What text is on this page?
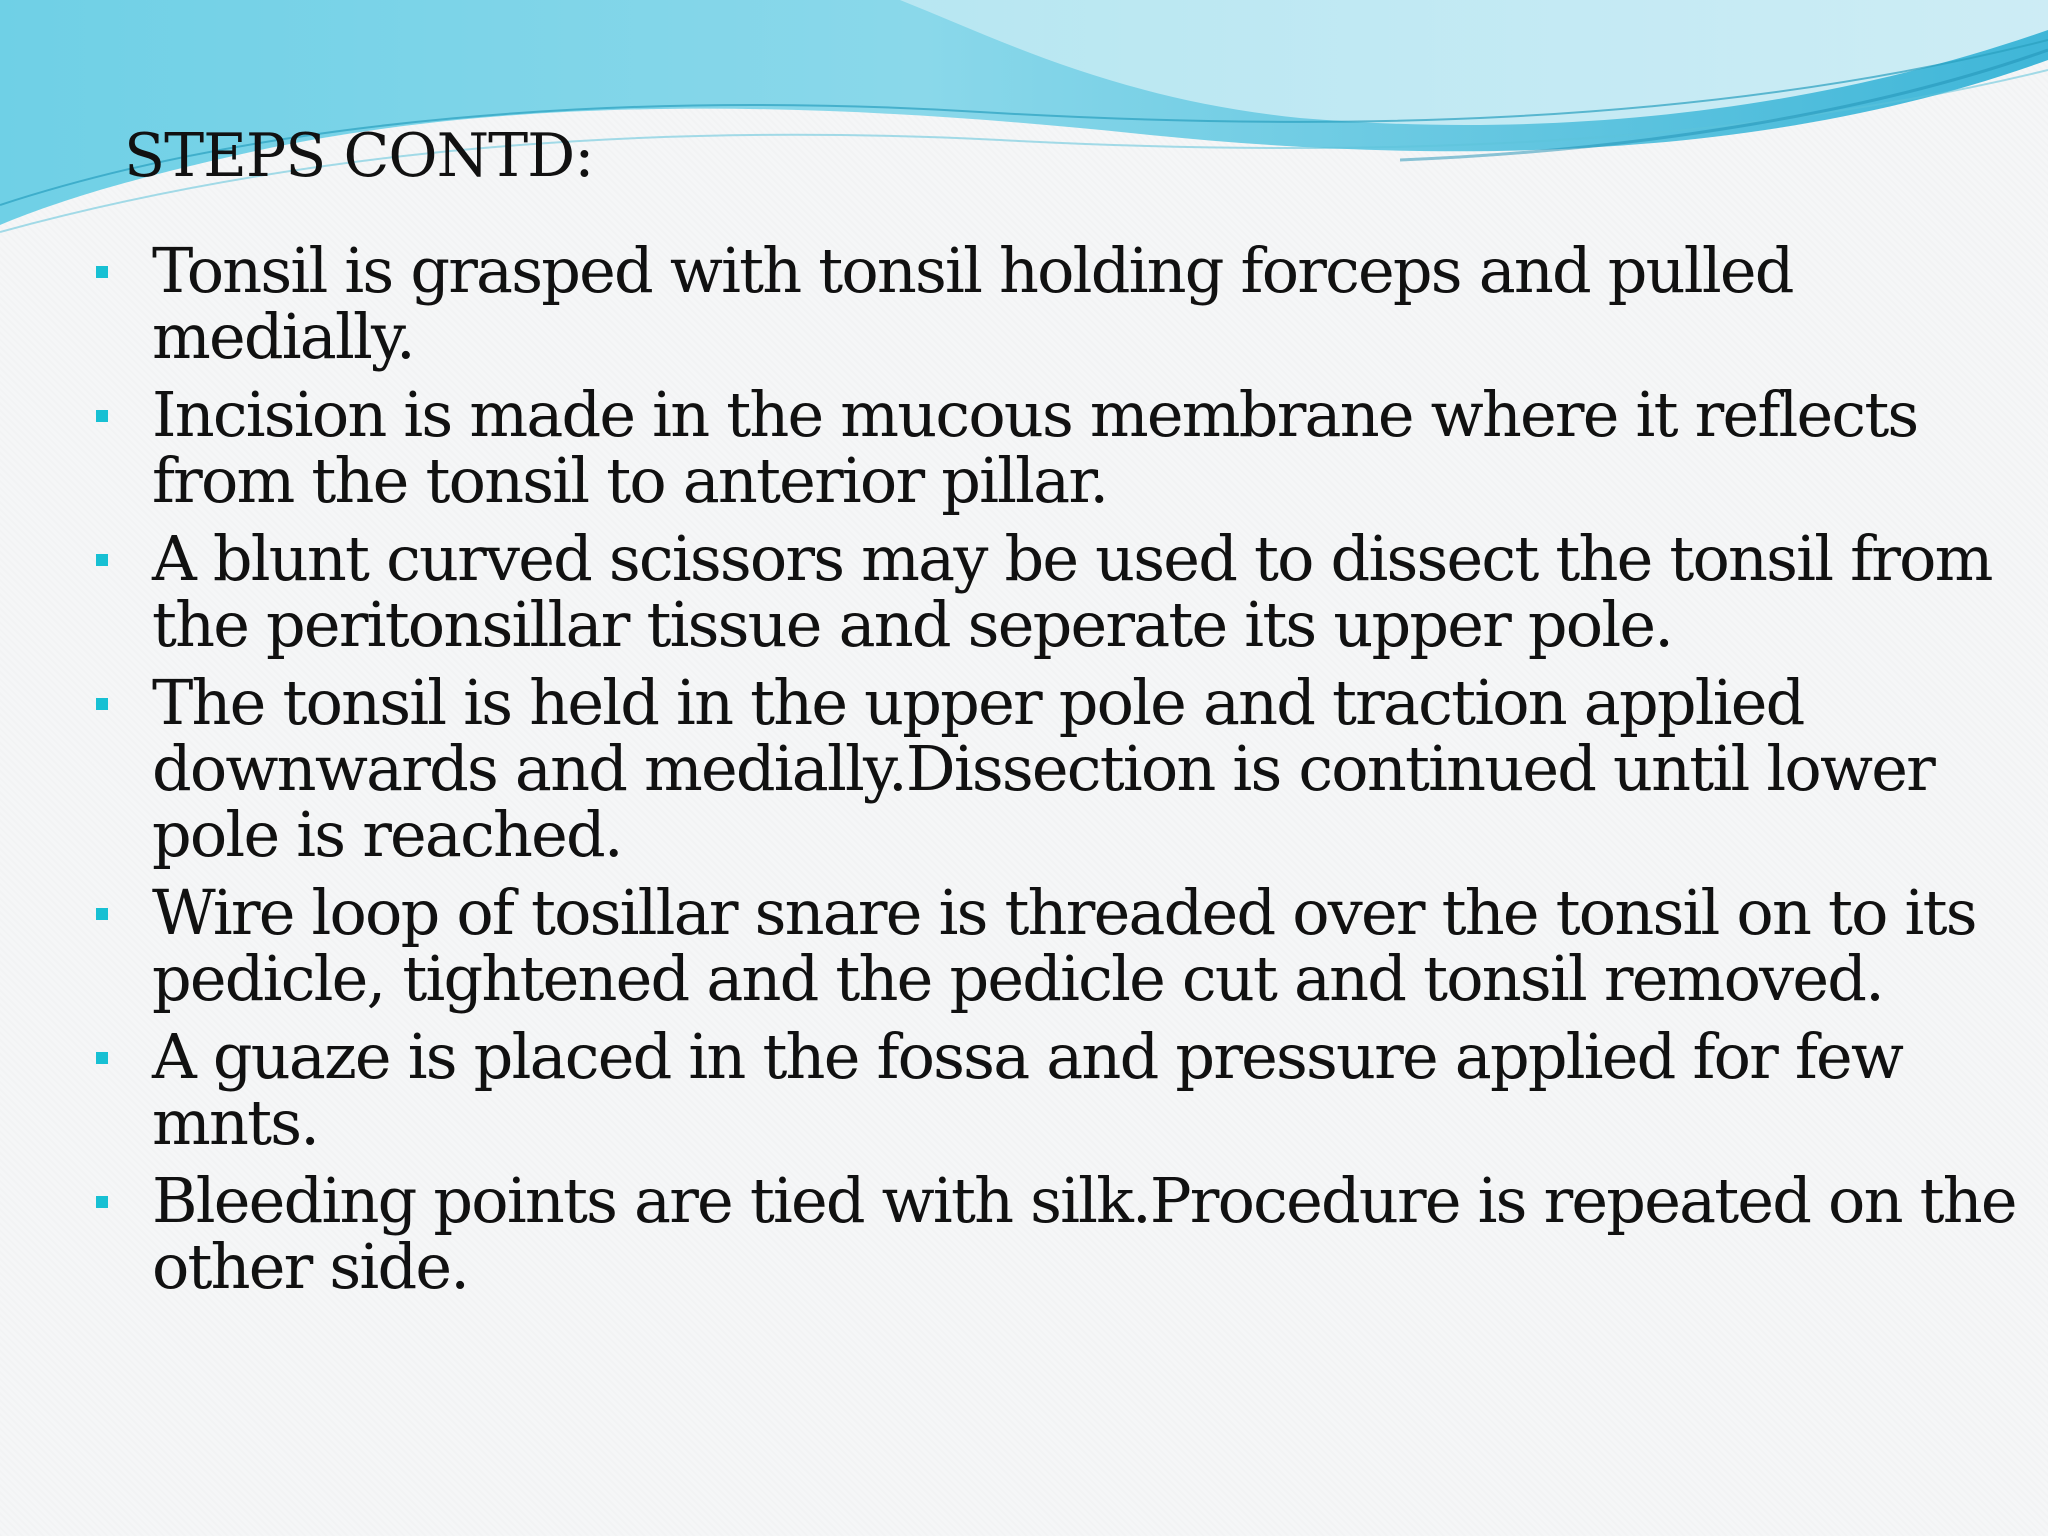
STEPS CONTD:
Tonsil is grasped with tonsil holding forceps and pulled medially.
Incision is made in the mucous membrane where it reflects from the tonsil to anterior pillar.
A blunt curved scissors may be used to dissect the tonsil from the peritonsillar tissue and seperate its upper pole.
The tonsil is held in the upper pole and traction applied downwards and medially.Dissection is continued until lower pole is reached.
Wire loop of tosillar snare is threaded over the tonsil on to its pedicle, tightened and the pedicle cut and tonsil removed.
A guaze is placed in the fossa and pressure applied for few mnts.
Bleeding points are tied with silk.Procedure is repeated on the other side.
